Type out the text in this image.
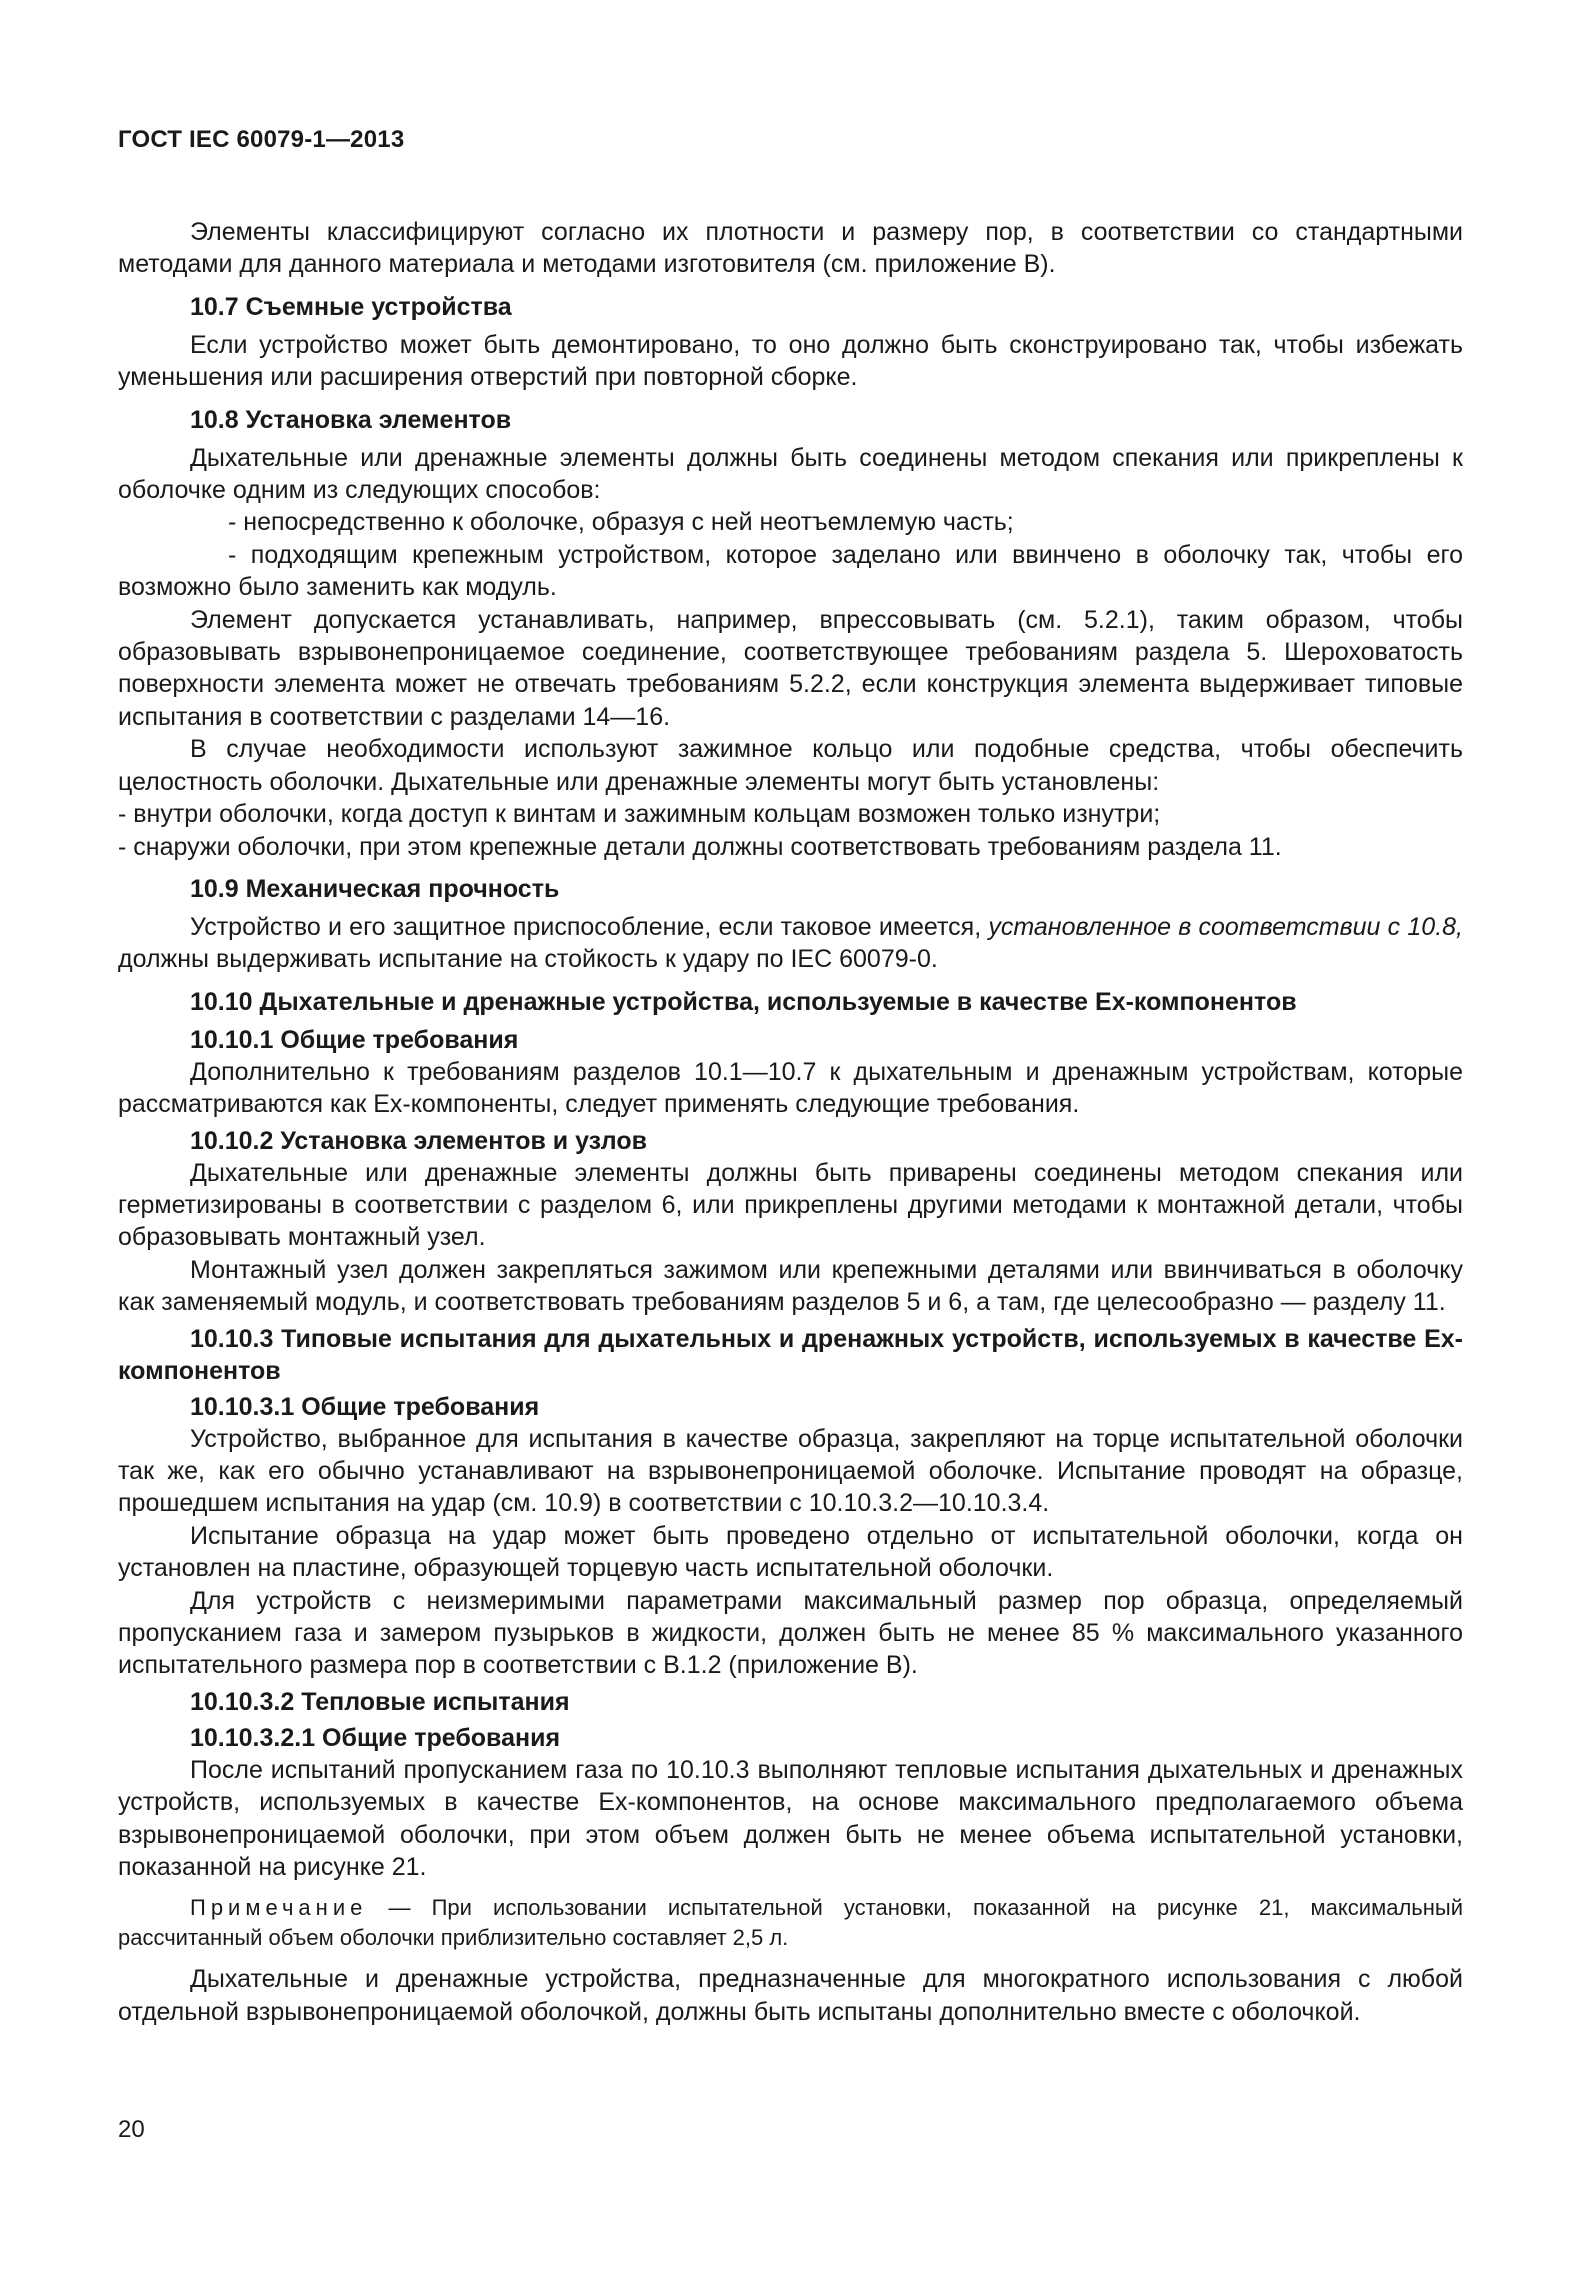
ГОСТ IEC 60079-1—2013

Элементы классифицируют согласно их плотности и размеру пор, в соответствии со стандартными методами для данного материала и методами изготовителя (см. приложение В).

10.7 Съемные устройства

Если устройство может быть демонтировано, то оно должно быть сконструировано так, чтобы избежать уменьшения или расширения отверстий при повторной сборке.

10.8 Установка элементов

Дыхательные или дренажные элементы должны быть соединены методом спекания или прикреплены к оболочке одним из следующих способов:

- непосредственно к оболочке, образуя с ней неотъемлемую часть;

- подходящим крепежным устройством, которое заделано или ввинчено в оболочку так, чтобы его возможно было заменить как модуль.

Элемент допускается устанавливать, например, впрессовывать (см. 5.2.1), таким образом, чтобы образовывать взрывонепроницаемое соединение, соответствующее требованиям раздела 5. Шероховатость поверхности элемента может не отвечать требованиям 5.2.2, если конструкция элемента выдерживает типовые испытания в соответствии с разделами 14—16.

В случае необходимости используют зажимное кольцо или подобные средства, чтобы обеспечить целостность оболочки. Дыхательные или дренажные элементы могут быть установлены:

- внутри оболочки, когда доступ к винтам и зажимным кольцам возможен только изнутри;

- снаружи оболочки, при этом крепежные детали должны соответствовать требованиям раздела 11.

10.9 Механическая прочность

Устройство и его защитное приспособление, если таковое имеется, установленное в соответствии с 10.8, должны выдерживать испытание на стойкость к удару по IEC 60079-0.

10.10 Дыхательные и дренажные устройства, используемые в качестве Ex-компонентов
10.10.1 Общие требования

Дополнительно к требованиям разделов 10.1—10.7 к дыхательным и дренажным устройствам, которые рассматриваются как Ex-компоненты, следует применять следующие требования.

10.10.2 Установка элементов и узлов

Дыхательные или дренажные элементы должны быть приварены соединены методом спекания или герметизированы в соответствии с разделом 6, или прикреплены другими методами к монтажной детали, чтобы образовывать монтажный узел.

Монтажный узел должен закрепляться зажимом или крепежными деталями или ввинчиваться в оболочку как заменяемый модуль, и соответствовать требованиям разделов 5 и 6, а там, где целесообразно — разделу 11.

10.10.3 Типовые испытания для дыхательных и дренажных устройств, используемых в качестве Ex-компонентов
10.10.3.1 Общие требования

Устройство, выбранное для испытания в качестве образца, закрепляют на торце испытательной оболочки так же, как его обычно устанавливают на взрывонепроницаемой оболочке. Испытание проводят на образце, прошедшем испытания на удар (см. 10.9) в соответствии с 10.10.3.2—10.10.3.4.

Испытание образца на удар может быть проведено отдельно от испытательной оболочки, когда он установлен на пластине, образующей торцевую часть испытательной оболочки.

Для устройств с неизмеримыми параметрами максимальный размер пор образца, определяемый пропусканием газа и замером пузырьков в жидкости, должен быть не менее 85 % максимального указанного испытательного размера пор в соответствии с В.1.2 (приложение В).

10.10.3.2 Тепловые испытания
10.10.3.2.1 Общие требования

После испытаний пропусканием газа по 10.10.3 выполняют тепловые испытания дыхательных и дренажных устройств, используемых в качестве Ex-компонентов, на основе максимального предполагаемого объема взрывонепроницаемой оболочки, при этом объем должен быть не менее объема испытательной установки, показанной на рисунке 21.

Примечание — При использовании испытательной установки, показанной на рисунке 21, максимальный рассчитанный объем оболочки приблизительно составляет 2,5 л.

Дыхательные и дренажные устройства, предназначенные для многократного использования с любой отдельной взрывонепроницаемой оболочкой, должны быть испытаны дополнительно вместе с оболочкой.

20
